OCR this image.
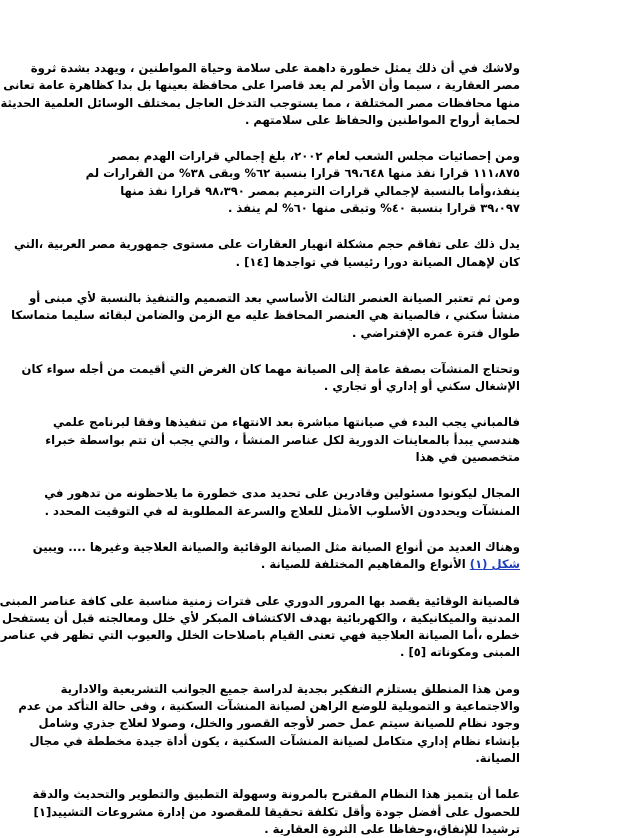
ولاشك في أن ذلك يمثل خطورة داهمة على سلامة وحياة المواطنين ، ويهدد بشدة ثروة
مصر العقارية ، سيما وأن الأمر لم يعد قاصرا على محافظة بعينها بل بدا كظاهرة عامة تعانى
منها محافظات مصر المختلفة ، مما يستوجب التدخل العاجل بمختلف الوسائل العلمية الحديثة
لحماية أرواح المواطنين والحفاظ على سلامتهم .

ومن إحصائيات مجلس الشعب لعام ٢٠٠٢، بلغ إجمالي قرارات الهدم بمصر
١١١،٨٧٥ قرارا نفذ منها ٦٩،٦٤٨ قرارا بنسبة ٦٢% وبقى ٣٨% من القرارات لم
ينفذ،وأما بالنسبة لإجمالي قرارات الترميم بمصر ٩٨،٣٩٠ قرارا نفذ منها
٣٩،٠٩٧ قرارا بنسبة ٤٠% وتبقى منها ٦٠% لم ينفذ .

يدل ذلك على تفاقم حجم مشكلة انهيار العقارات على مستوى جمهورية مصر العربية ،التي
كان لإهمال الصيانة دورا رئيسيا في تواجدها [١٤] .

ومن ثم تعتبر الصيانة العنصر الثالث الأساسي بعد التصميم والتنفيذ بالنسبة لأي مبنى أو
منشأ سكني ، فالصيانة هي العنصر المحافظ عليه مع الزمن والضامن لبقائه سليما متماسكا
طوال فترة عمره الإفتراضي .

وتحتاج المنشآت بصفة عامة إلى الصيانة مهما كان الغرض التي أقيمت من أجله سواء كان
الإشغال سكني أو إداري أو تجاري .

فالمباني يجب البدء في صيانتها مباشرة بعد الانتهاء من تنفيذها وفقا لبرنامج علمي
هندسي يبدأ بالمعاينات الدورية لكل عناصر المنشأ ، والتي يجب أن تتم بواسطة خبراء
متخصصين في هذا

المجال ليكونوا مسئولين وقادرين على تحديد مدى خطورة ما يلاحظونه من تدهور في
المنشآت ويحددون الأسلوب الأمثل للعلاج والسرعة المطلوبة له في التوقيت المحدد .

وهناك العديد من أنواع الصيانة مثل الصيانة الوقائية والصيانة العلاجية وغيرها .... ويبين
شكل (١) الأنواع والمفاهيم المختلفة للصيانة .

فالصيانة الوقائية يقصد بها المرور الدوري على فترات زمنية مناسبة على كافة عناصر المبنى
المدنية والميكانيكية ، والكهربائية بهدف الاكتشاف المبكر لأي خلل ومعالجته قبل أن يستفحل
خطره ،أما الصيانة العلاجية فهي تعنى القيام باصلاحات الخلل والعيوب التي تظهر في عناصر
المبنى ومكوناته [٥] .

ومن هذا المنطلق يستلزم التفكير بجدية لدراسة جميع الجوانب التشريعية والادارية
والاجتماعية و التمويلية للوضع الراهن لصيانة المنشآت السكنية ، وفى حالة التأكد من عدم
وجود نظام للصيانة سيتم عمل حصر لأوجه القصور والخلل، وصولا لعلاج جذري وشامل
بإنشاء نظام إداري متكامل لصيانة المنشآت السكنية ، يكون أداة جيدة مخططة في مجال
الصيانة.

علما أن يتميز هذا النظام المقترح بالمرونة وسهولة التطبيق والتطوير والتحديث والدقة
للحصول على أفضل جودة وأقل تكلفة تحقيقا للمقصود من إدارة مشروعات التشييد[١]
ترشيدا للإنفاق،وحفاظا على الثروة العقارية .
